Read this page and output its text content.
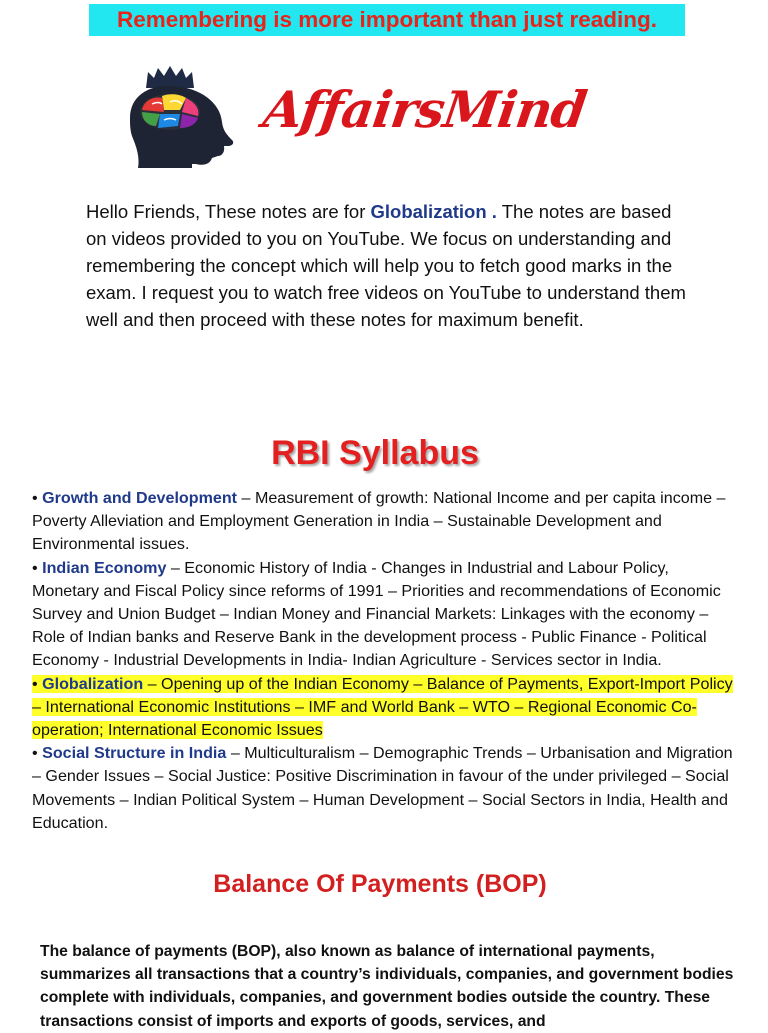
Remembering is more important than just reading.
AffairsMind
Hello Friends, These notes are for Globalization . The notes are based on videos provided to you on YouTube. We focus on understanding and remembering the concept which will help you to fetch good marks in the exam. I request you to watch free videos on YouTube to understand them well and then proceed with these notes for maximum benefit.
RBI Syllabus

• Growth and Development – Measurement of growth: National Income and per capita income – Poverty Alleviation and Employment Generation in India – Sustainable Development and Environmental issues.

• Indian Economy – Economic History of India - Changes in Industrial and Labour Policy, Monetary and Fiscal Policy since reforms of 1991 – Priorities and recommendations of Economic Survey and Union Budget – Indian Money and Financial Markets: Linkages with the economy – Role of Indian banks and Reserve Bank in the development process - Public Finance - Political Economy - Industrial Developments in India- Indian Agriculture - Services sector in India.

• Globalization – Opening up of the Indian Economy – Balance of Payments, Export-Import Policy – International Economic Institutions – IMF and World Bank – WTO – Regional Economic Co-operation; International Economic Issues

• Social Structure in India – Multiculturalism – Demographic Trends – Urbanisation and Migration – Gender Issues – Social Justice: Positive Discrimination in favour of the under privileged – Social Movements – Indian Political System – Human Development – Social Sectors in India, Health and Education.

Balance Of Payments (BOP)
The balance of payments (BOP), also known as balance of international payments, summarizes all transactions that a country’s individuals, companies, and government bodies complete with individuals, companies, and government bodies outside the country. These transactions consist of imports and exports of goods, services, and
